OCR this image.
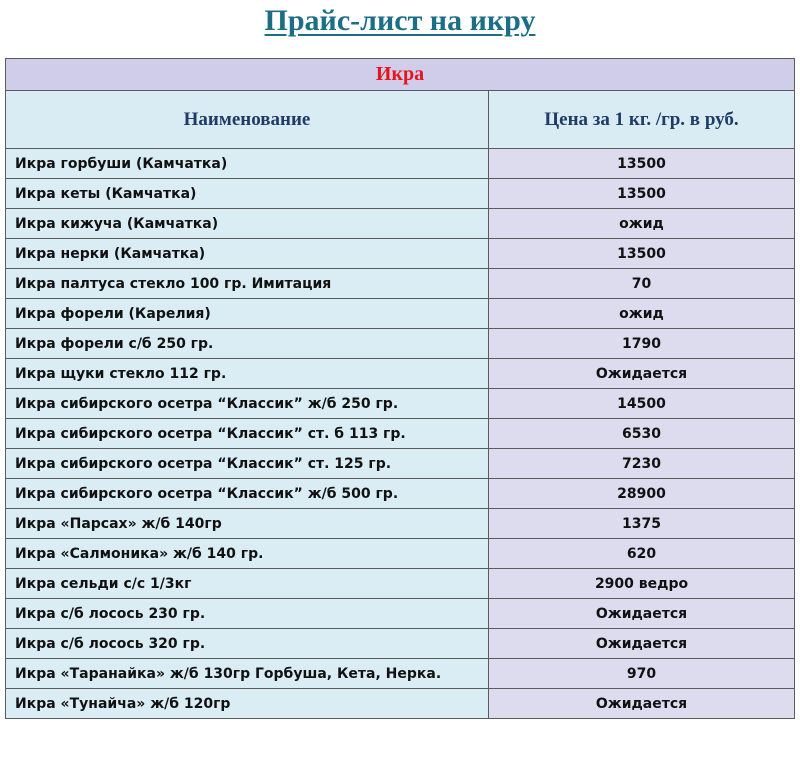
Прайс-лист на икру
Икра	
Наименование	Цена за 1 кг. /гр. в руб.
Икра горбуши (Камчатка)	13500
Икра кеты (Камчатка)	13500
Икра кижуча (Камчатка)	ожид
Икра нерки (Камчатка)	13500
Икра палтуса стекло 100 гр. Имитация	70
Икра форели (Карелия)	ожид
Икра форели с/б 250 гр.	1790
Икра щуки стекло 112 гр.	Ожидается
Икра сибирского осетра “Классик” ж/б 250 гр.	14500
Икра сибирского осетра “Классик” ст. б 113 гр.	6530
Икра сибирского осетра “Классик” ст. 125 гр.	7230
Икра сибирского осетра “Классик” ж/б 500 гр.	28900
Икра «Парсах» ж/б 140гр	1375
Икра «Салмоника» ж/б 140 гр.	620
Икра сельди с/с 1/3кг	2900 ведро
Икра с/б лосось 230 гр.	Ожидается
Икра с/б лосось 320 гр.	Ожидается
Икра «Таранайка» ж/б 130гр Горбуша, Кета, Нерка.	970
Икра «Тунайча» ж/б 120гр	Ожидается
